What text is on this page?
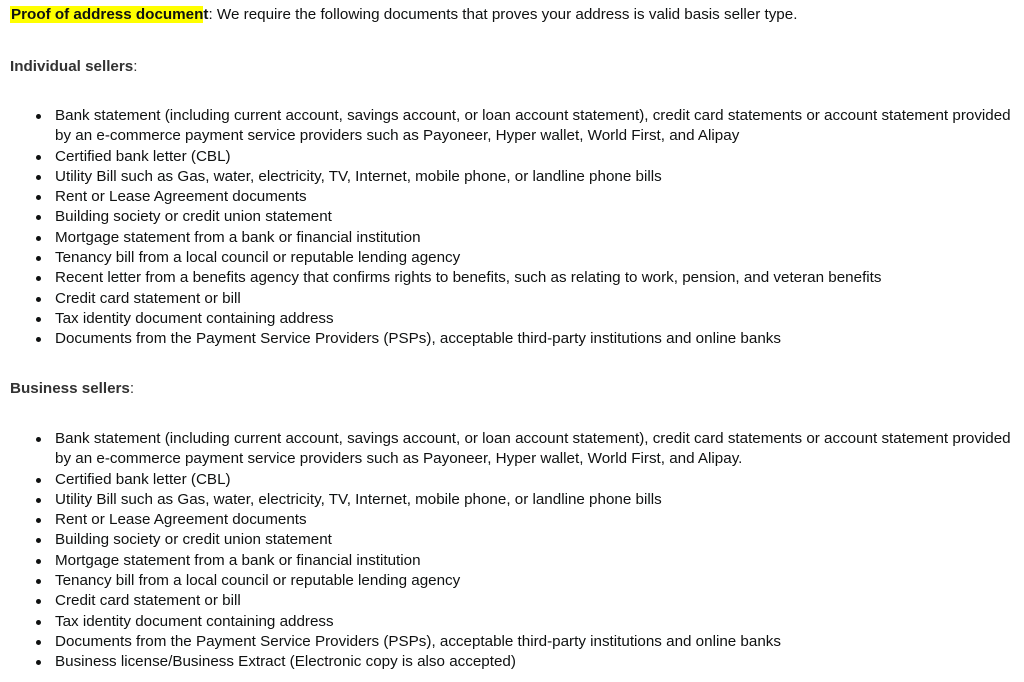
Proof of address document: We require the following documents that proves your address is valid basis seller type.
Individual sellers:
Bank statement (including current account, savings account, or loan account statement), credit card statements or account statement provided by an e-commerce payment service providers such as Payoneer, Hyper wallet, World First, and Alipay
Certified bank letter (CBL)
Utility Bill such as Gas, water, electricity, TV, Internet, mobile phone, or landline phone bills
Rent or Lease Agreement documents
Building society or credit union statement
Mortgage statement from a bank or financial institution
Tenancy bill from a local council or reputable lending agency
Recent letter from a benefits agency that confirms rights to benefits, such as relating to work, pension, and veteran benefits
Credit card statement or bill
Tax identity document containing address
Documents from the Payment Service Providers (PSPs), acceptable third-party institutions and online banks
Business sellers:
Bank statement (including current account, savings account, or loan account statement), credit card statements or account statement provided by an e-commerce payment service providers such as Payoneer, Hyper wallet, World First, and Alipay.
Certified bank letter (CBL)
Utility Bill such as Gas, water, electricity, TV, Internet, mobile phone, or landline phone bills
Rent or Lease Agreement documents
Building society or credit union statement
Mortgage statement from a bank or financial institution
Tenancy bill from a local council or reputable lending agency
Credit card statement or bill
Tax identity document containing address
Documents from the Payment Service Providers (PSPs), acceptable third-party institutions and online banks
Business license/Business Extract (Electronic copy is also accepted)
